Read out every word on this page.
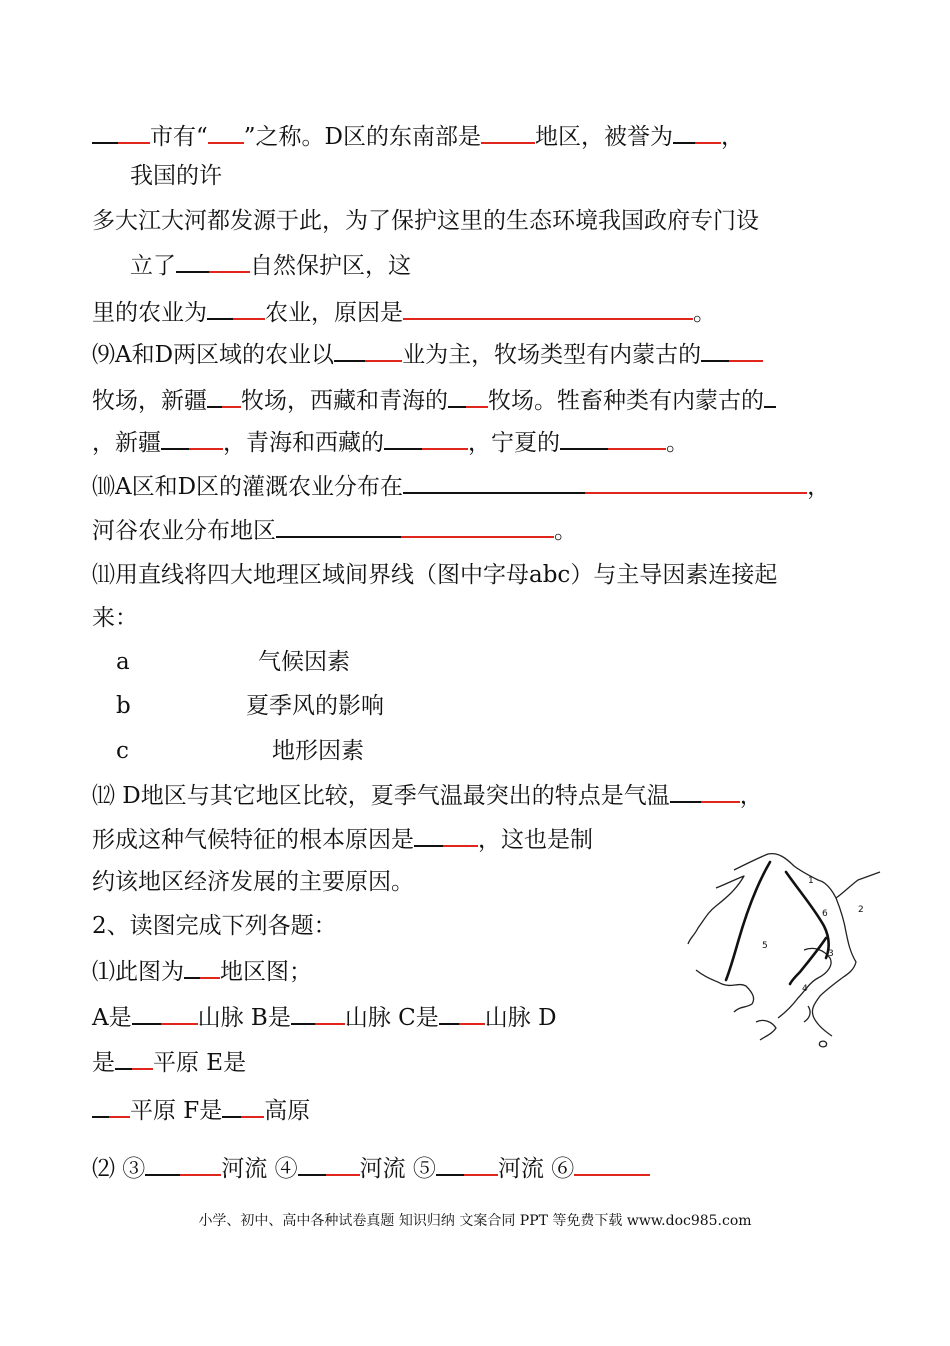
市有“ ”之称。D区的东南部是 地区，被誉为 ，
我国的许
多大江大河都发源于此，为了保护这里的生态环境我国政府专门设
立了	自然保护区，这
里的农业为	农业，原因是	。
⑼A和D两区域的农业以	业为主，牧场类型有内蒙古的
牧场，新疆 牧场，西藏和青海的 牧场。牲畜种类有内蒙古的
，新疆	，青海和西藏的	，宁夏的	。
⑽A区和D区的灌溉农业分布在	，
河谷农业分布地区	。
⑾用直线将四大地理区域间界线（图中字母abc）与主导因素连接起
来：
a	气候因素
b	夏季风的影响
c	地形因素
⑿ D地区与其它地区比较，夏季气温最突出的特点是气温	，
形成这种气候特征的根本原因是	，这也是制
约该地区经济发展的主要原因。
2、读图完成下列各题：
⑴此图为 地区图；
A是	山脉 B是 山脉 C是 山脉 D
是 平原 E是
平原 F是 高原
⑵ ③	河流 ④	河流 ⑤	河流 ⑥
1
2
3
4
5
6
小学、初中、高中各种试卷真题 知识归纳 文案合同 PPT 等免费下载 www.doc985.com
